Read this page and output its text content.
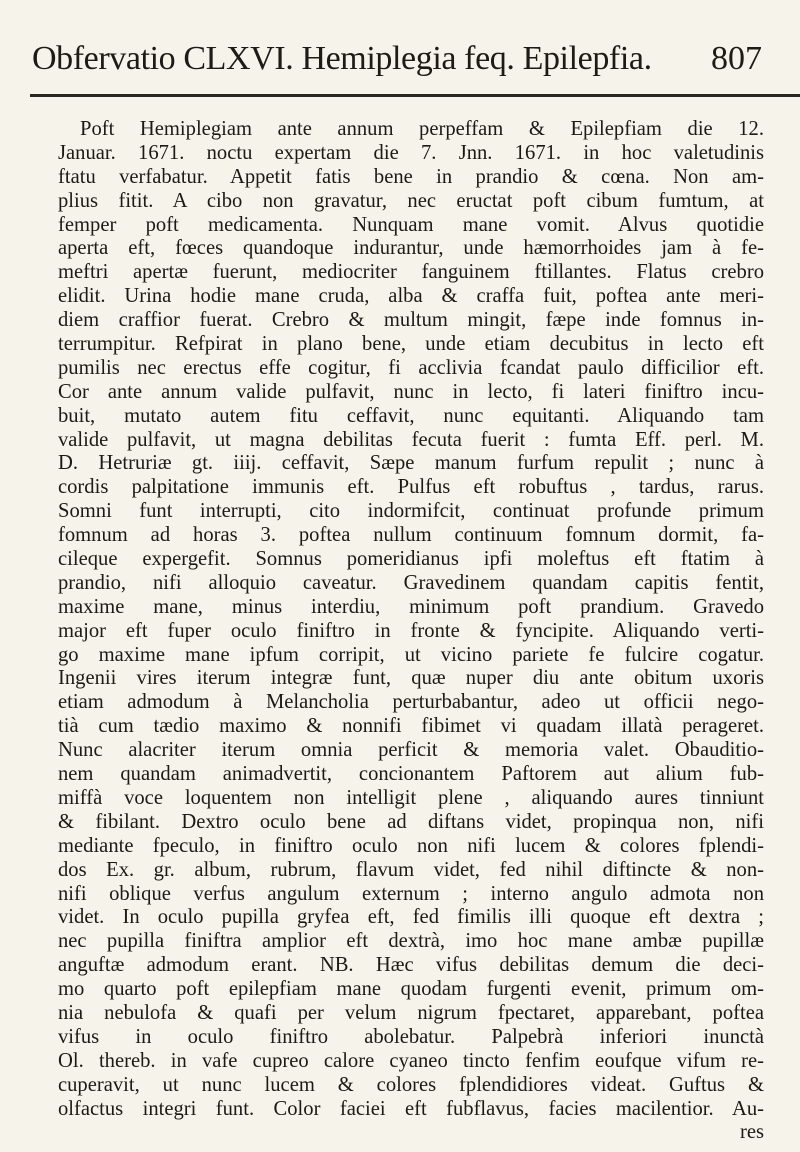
Obfervatio CLXVI. Hemiplegia feq. Epilepfia. 807
Poft Hemiplegiam ante annum perpeffam & Epilepfiam die 12.
Januar. 1671. noctu expertam die 7. Jnn. 1671. in hoc valetudinis
ftatu verfabatur. Appetit fatis bene in prandio & cœna. Non am-
plius fitit. A cibo non gravatur, nec eructat poft cibum fumtum, at
femper poft medicamenta. Nunquam mane vomit. Alvus quotidie
aperta eft, fœces quandoque indurantur, unde hæmorrhoides jam à fe-
meftri apertæ fuerunt, mediocriter fanguinem ftillantes. Flatus crebro
elidit. Urina hodie mane cruda, alba & craffa fuit, poftea ante meri-
diem craffior fuerat. Crebro & multum mingit, fæpe inde fomnus in-
terrumpitur. Refpirat in plano bene, unde etiam decubitus in lecto eft
pumilis nec erectus effe cogitur, fi acclivia fcandat paulo difficilior eft.
Cor ante annum valide pulfavit, nunc in lecto, fi lateri finiftro incu-
buit, mutato autem fitu ceffavit, nunc equitanti. Aliquando tam
valide pulfavit, ut magna debilitas fecuta fuerit : fumta Eff. perl. M.
D. Hetruriæ gt. iiij. ceffavit, Sæpe manum furfum repulit ; nunc à
cordis palpitatione immunis eft. Pulfus eft robuftus , tardus, rarus.
Somni funt interrupti, cito indormifcit, continuat profunde primum
fomnum ad horas 3. poftea nullum continuum fomnum dormit, fa-
cileque expergefit. Somnus pomeridianus ipfi moleftus eft ftatim à
prandio, nifi alloquio caveatur. Gravedinem quandam capitis fentit,
maxime mane, minus interdiu, minimum poft prandium. Gravedo
major eft fuper oculo finiftro in fronte & fyncipite. Aliquando verti-
go maxime mane ipfum corripit, ut vicino pariete fe fulcire cogatur.
Ingenii vires iterum integræ funt, quæ nuper diu ante obitum uxoris
etiam admodum à Melancholia perturbabantur, adeo ut officii nego-
tià cum tædio maximo & nonnifi fibimet vi quadam illatà perageret.
Nunc alacriter iterum omnia perficit & memoria valet. Obauditio-
nem quandam animadvertit, concionantem Paftorem aut alium fub-
miffà voce loquentem non intelligit plene , aliquando aures tinniunt
& fibilant. Dextro oculo bene ad diftans videt, propinqua non, nifi
mediante fpeculo, in finiftro oculo non nifi lucem & colores fplendi-
dos Ex. gr. album, rubrum, flavum videt, fed nihil diftincte & non-
nifi oblique verfus angulum externum ; interno angulo admota non
videt. In oculo pupilla gryfea eft, fed fimilis illi quoque eft dextra ;
nec pupilla finiftra amplior eft dextrà, imo hoc mane ambæ pupillæ
anguftæ admodum erant. NB. Hæc vifus debilitas demum die deci-
mo quarto poft epilepfiam mane quodam furgenti evenit, primum om-
nia nebulofa & quafi per velum nigrum fpectaret, apparebant, poftea
vifus in oculo finiftro abolebatur. Palpebrà inferiori inunctà
Ol. thereb. in vafe cupreo calore cyaneo tincto fenfim eoufque vifum re-
cuperavit, ut nunc lucem & colores fplendidiores videat. Guftus &
olfactus integri funt. Color faciei eft fubflavus, facies macilentior. Au-
res
